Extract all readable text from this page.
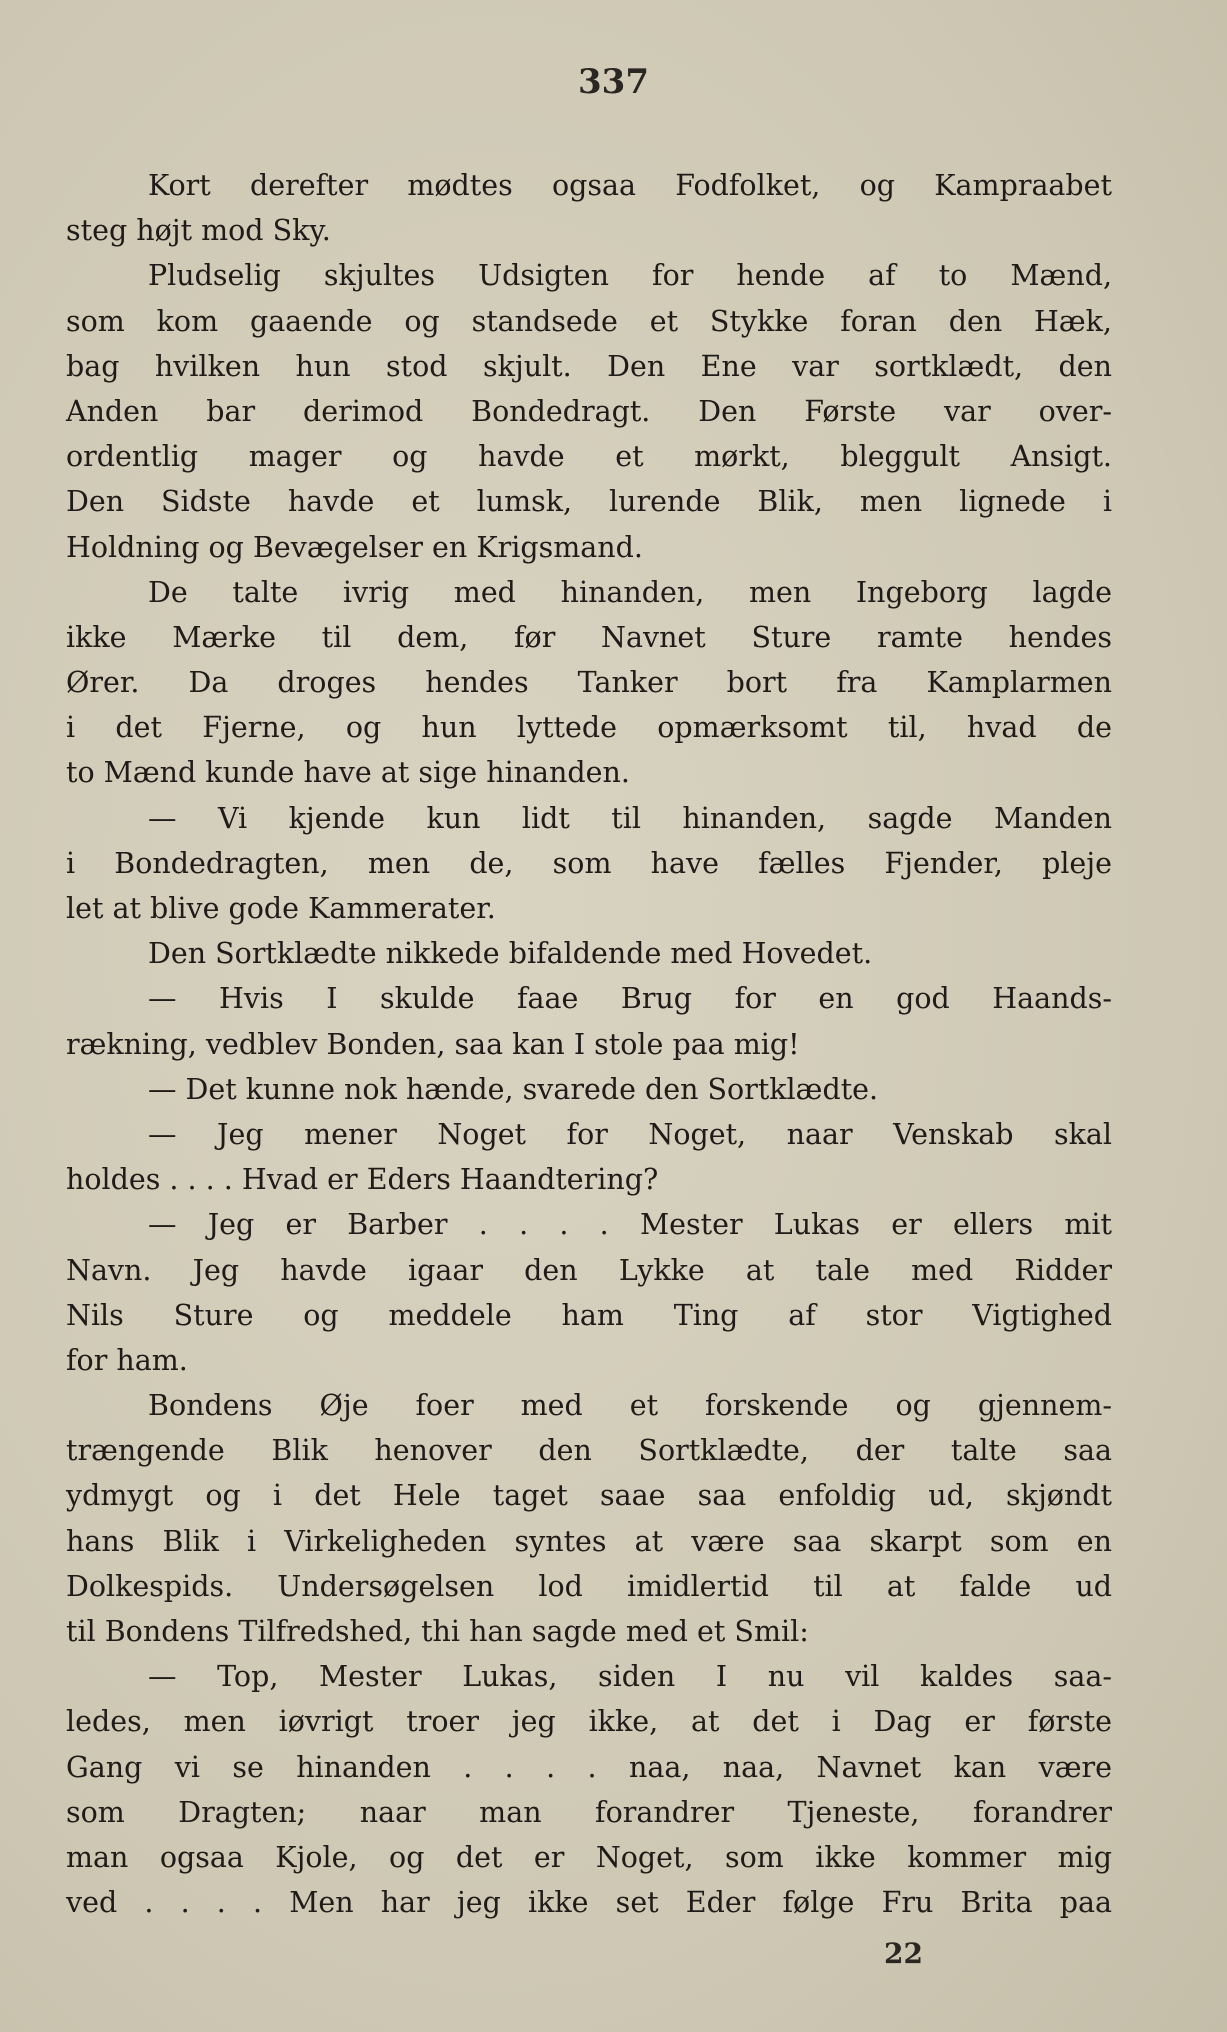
337
Kort derefter mødtes ogsaa Fodfolket, og Kampraabet
steg højt mod Sky.
Pludselig skjultes Udsigten for hende af to Mænd,
som kom gaaende og standsede et Stykke foran den Hæk,
bag hvilken hun stod skjult. Den Ene var sortklædt, den
Anden bar derimod Bondedragt. Den Første var over-
ordentlig mager og havde et mørkt, bleggult Ansigt.
Den Sidste havde et lumsk, lurende Blik, men lignede i
Holdning og Bevægelser en Krigsmand.
De talte ivrig med hinanden, men Ingeborg lagde
ikke Mærke til dem, før Navnet Sture ramte hendes
Ører. Da droges hendes Tanker bort fra Kamplarmen
i det Fjerne, og hun lyttede opmærksomt til, hvad de
to Mænd kunde have at sige hinanden.
— Vi kjende kun lidt til hinanden, sagde Manden
i Bondedragten, men de, som have fælles Fjender, pleje
let at blive gode Kammerater.
Den Sortklædte nikkede bifaldende med Hovedet.
— Hvis I skulde faae Brug for en god Haands-
rækning, vedblev Bonden, saa kan I stole paa mig!
— Det kunne nok hænde, svarede den Sortklædte.
— Jeg mener Noget for Noget, naar Venskab skal
holdes . . . . Hvad er Eders Haandtering?
— Jeg er Barber . . . . Mester Lukas er ellers mit
Navn. Jeg havde igaar den Lykke at tale med Ridder
Nils Sture og meddele ham Ting af stor Vigtighed
for ham.
Bondens Øje foer med et forskende og gjennem-
trængende Blik henover den Sortklædte, der talte saa
ydmygt og i det Hele taget saae saa enfoldig ud, skjøndt
hans Blik i Virkeligheden syntes at være saa skarpt som en
Dolkespids. Undersøgelsen lod imidlertid til at falde ud
til Bondens Tilfredshed, thi han sagde med et Smil:
— Top, Mester Lukas, siden I nu vil kaldes saa-
ledes, men iøvrigt troer jeg ikke, at det i Dag er første
Gang vi se hinanden . . . . naa, naa, Navnet kan være
som Dragten; naar man forandrer Tjeneste, forandrer
man ogsaa Kjole, og det er Noget, som ikke kommer mig
ved . . . . Men har jeg ikke set Eder følge Fru Brita paa
22
